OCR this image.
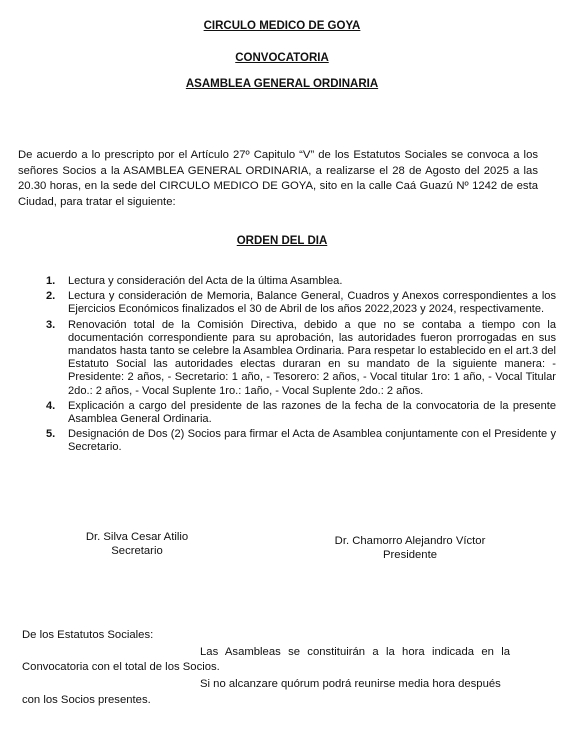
CIRCULO MEDICO DE GOYA
CONVOCATORIA
ASAMBLEA GENERAL ORDINARIA

De acuerdo a lo prescripto por el Artículo 27º Capitulo “V” de los Estatutos Sociales se convoca a los señores Socios a la ASAMBLEA GENERAL ORDINARIA, a realizarse el 28 de Agosto del 2025 a las 20.30 horas, en la sede del CIRCULO MEDICO DE GOYA, sito en la calle Caá Guazú Nº 1242 de esta Ciudad, para tratar el siguiente:

ORDEN DEL DIA
1. Lectura y consideración del Acta de la última Asamblea.
2. Lectura y consideración de Memoria, Balance General, Cuadros y Anexos correspondientes a los Ejercicios Económicos finalizados el 30 de Abril de los años 2022,2023 y 2024, respectivamente.
3. Renovación total de la Comisión Directiva, debido a que no se contaba a tiempo con la documentación correspondiente para su aprobación, las autoridades fueron prorrogadas en sus mandatos hasta tanto se celebre la Asamblea Ordinaria. Para respetar lo establecido en el art.3 del Estatuto Social las autoridades electas duraran en su mandato de la siguiente manera: - Presidente: 2 años, - Secretario: 1 año, - Tesorero: 2 años, - Vocal titular 1ro: 1 año, - Vocal Titular 2do.: 2 años, - Vocal Suplente 1ro.: 1año, - Vocal Suplente 2do.: 2 años.
4. Explicación a cargo del presidente de las razones de la fecha de la convocatoria de la presente Asamblea General Ordinaria.
5. Designación de Dos (2) Socios para firmar el Acta de Asamblea conjuntamente con el Presidente y Secretario.
Dr. Silva Cesar Atilio
Secretario
Dr. Chamorro Alejandro Víctor
Presidente

De los Estatutos Sociales:

Las Asambleas se constituirán a la hora indicada en la

Convocatoria con el total de los Socios.

Si no alcanzare quórum podrá reunirse media hora después

con los Socios presentes.
